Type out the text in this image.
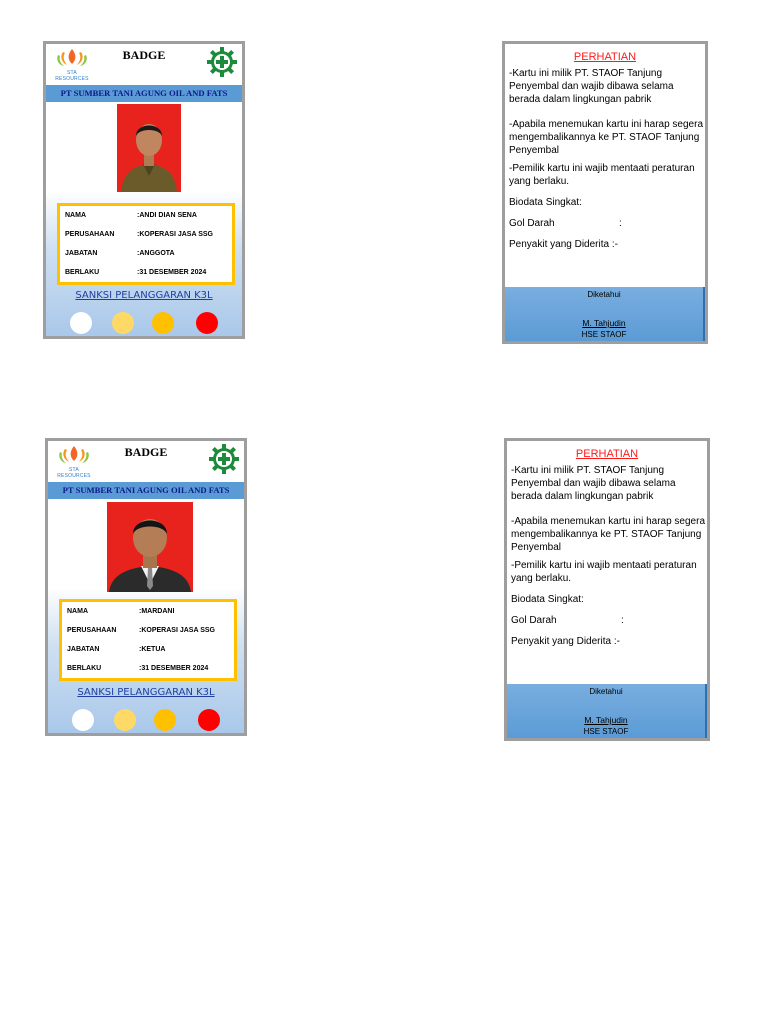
STA RESOURCES
BADGE
PT SUMBER TANI AGUNG OIL AND FATS
NAMA	:ANDI DIAN SENA
PERUSAHAAN	:KOPERASI JASA SSG
JABATAN	:ANGGOTA
BERLAKU	:31 DESEMBER 2024
SANKSI PELANGGARAN K3L
PERHATIAN
-Kartu ini milik PT. STAOF Tanjung Penyembal dan wajib dibawa selama berada dalam lingkungan pabrik
-Apabila menemukan kartu ini harap segera mengembalikannya ke PT. STAOF Tanjung Penyembal
-Pemilik kartu ini wajib mentaati peraturan yang berlaku.
Biodata Singkat:
Gol Darah	:
Penyakit yang Diderita :-
Diketahui
M. Tahjudin
HSE STAOF
STA RESOURCES
BADGE
PT SUMBER TANI AGUNG OIL AND FATS
NAMA	:MARDANI
PERUSAHAAN	:KOPERASI JASA SSG
JABATAN	:KETUA
BERLAKU	:31 DESEMBER 2024
SANKSI PELANGGARAN K3L
PERHATIAN
-Kartu ini milik PT. STAOF Tanjung Penyembal dan wajib dibawa selama berada dalam lingkungan pabrik
-Apabila menemukan kartu ini harap segera mengembalikannya ke PT. STAOF Tanjung Penyembal
-Pemilik kartu ini wajib mentaati peraturan yang berlaku.
Biodata Singkat:
Gol Darah	:
Penyakit yang Diderita :-
Diketahui
M. Tahjudin
HSE STAOF
